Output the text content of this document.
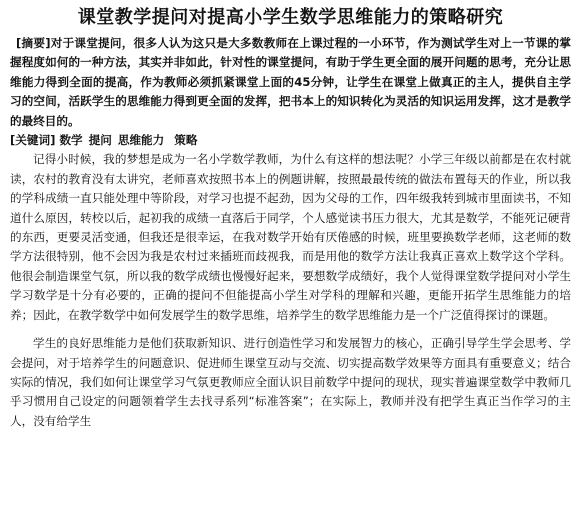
课堂教学提问对提高小学生数学思维能力的策略研究

[摘要]对于课堂提问，很多人认为这只是大多数教师在上课过程的一小环节，作为测试学生对上一节课的掌握程度如何的一种方法，其实并非如此，针对性的课堂提问，有助于学生更全面的展开问题的思考，充分让思维能力得到全面的提高，作为教师必须抓紧课堂上面的45分钟，让学生在课堂上做真正的主人，提供自主学习的空间，活跃学生的思维能力得到更全面的发挥，把书本上的知识转化为灵活的知识运用发挥，这才是教学的最终目的。

[关键词] 数学 提问 思维能力 策略

记得小时候，我的梦想是成为一名小学数学教师，为什么有这样的想法呢？小学三年级以前都是在农村就读，农村的教育没有太讲究，老师喜欢按照书本上的例题讲解，按照最最传统的做法布置每天的作业，所以我的学科成绩一直只能处理中等阶段，对学习也提不起劲，因为父母的工作，四年级我转到城市里面读书，不知道什么原因，转校以后，起初我的成绩一直落后于同学，个人感觉读书压力很大，尤其是数学，不能死记硬背的东西，更要灵活变通，但我还是很幸运，在我对数学开始有厌倦感的时候，班里要换数学老师，这老师的数学方法很特别，他不会因为我是农村过来插班而歧视我，而是用他的数学方法让我真正喜欢上数学这个学科。他很会制造课堂气氛，所以我的数学成绩也慢慢好起来，要想数学成绩好，我个人觉得课堂数学提问对小学生学习数学是十分有必要的，正确的提问不但能提高小学生对学科的理解和兴趣，更能开拓学生思维能力的培养；因此，在教学数学中如何发展学生的数学思维，培养学生的数学思维能力是一个广泛值得探讨的课题。

学生的良好思维能力是他们获取新知识、进行创造性学习和发展智力的核心，正确引导学生学会思考、学会提问，对于培养学生的问题意识、促进师生课堂互动与交流、切实提高数学效果等方面具有重要意义；结合实际的情况，我们如何让课堂学习气氛更教师应全面认识目前数学中提问的现状，现实普遍课堂数学中教师几乎习惯用自己设定的问题领着学生去找寻系列“标准答案”；在实际上，教师并没有把学生真正当作学习的主人，没有给学生
